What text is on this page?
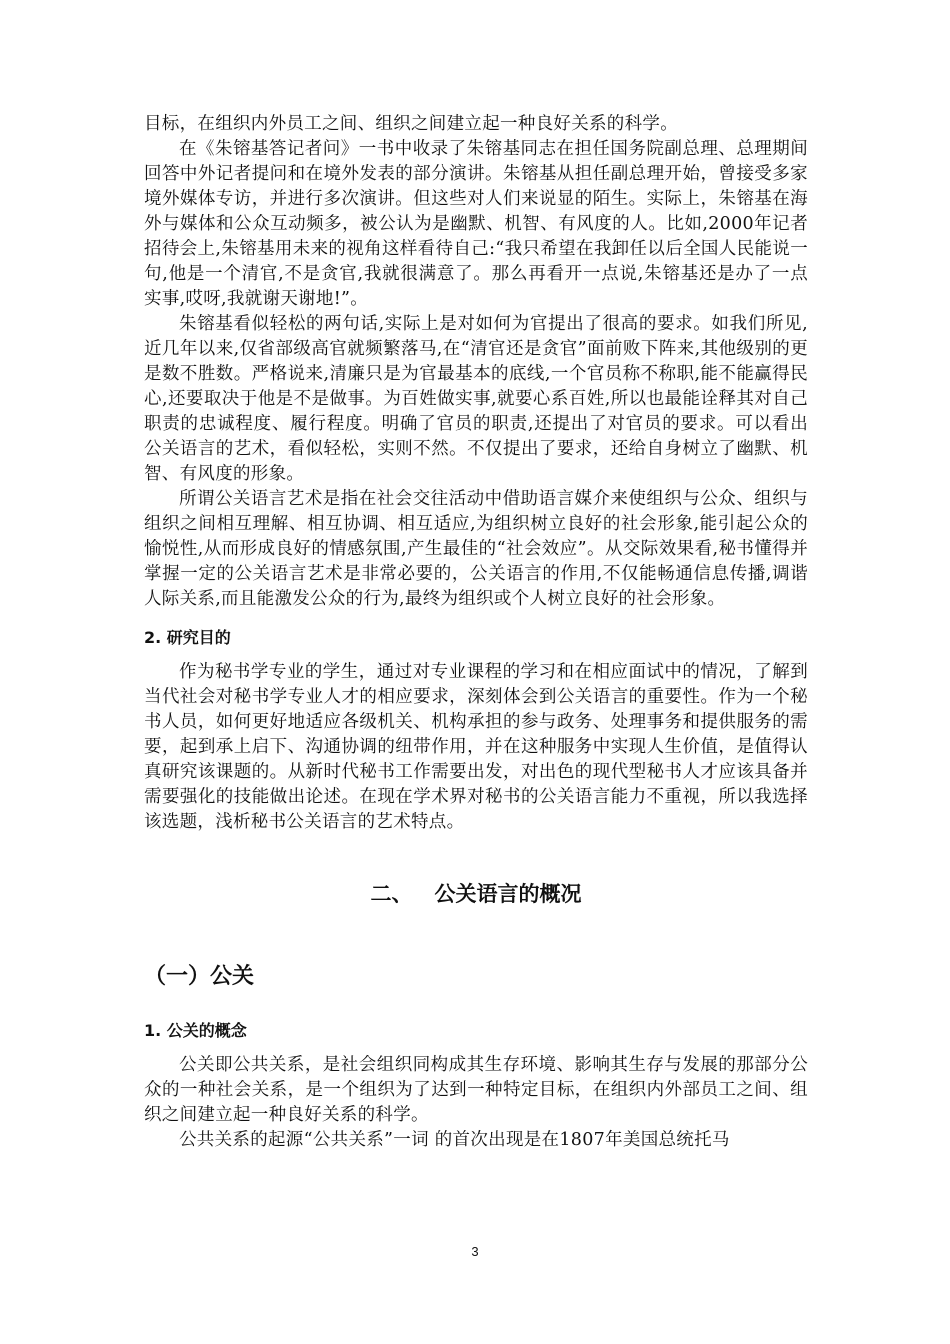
目标，在组织内外员工之间、组织之间建立起一种良好关系的科学。

在《朱镕基答记者问》一书中收录了朱镕基同志在担任国务院副总理、总理期间回答中外记者提问和在境外发表的部分演讲。朱镕基从担任副总理开始，曾接受多家境外媒体专访，并进行多次演讲。但这些对人们来说显的陌生。实际上，朱镕基在海外与媒体和公众互动频多，被公认为是幽默、机智、有风度的人。比如,2000年记者招待会上,朱镕基用未来的视角这样看待自己:“我只希望在我卸任以后全国人民能说一句,他是一个清官,不是贪官,我就很满意了。那么再看开一点说,朱镕基还是办了一点实事,哎呀,我就谢天谢地!”。

朱镕基看似轻松的两句话,实际上是对如何为官提出了很高的要求。如我们所见,近几年以来,仅省部级高官就频繁落马,在“清官还是贪官”面前败下阵来,其他级别的更是数不胜数。严格说来,清廉只是为官最基本的底线,一个官员称不称职,能不能赢得民心,还要取决于他是不是做事。为百姓做实事,就要心系百姓,所以也最能诠释其对自己职责的忠诚程度、履行程度。明确了官员的职责,还提出了对官员的要求。可以看出公关语言的艺术，看似轻松，实则不然。不仅提出了要求，还给自身树立了幽默、机智、有风度的形象。

所谓公关语言艺术是指在社会交往活动中借助语言媒介来使组织与公众、组织与组织之间相互理解、相互协调、相互适应,为组织树立良好的社会形象,能引起公众的愉悦性,从而形成良好的情感氛围,产生最佳的“社会效应”。从交际效果看,秘书懂得并掌握一定的公关语言艺术是非常必要的，公关语言的作用,不仅能畅通信息传播,调谐人际关系,而且能激发公众的行为,最终为组织或个人树立良好的社会形象。

2. 研究目的

作为秘书学专业的学生，通过对专业课程的学习和在相应面试中的情况，了解到当代社会对秘书学专业人才的相应要求，深刻体会到公关语言的重要性。作为一个秘书人员，如何更好地适应各级机关、机构承担的参与政务、处理事务和提供服务的需要，起到承上启下、沟通协调的纽带作用，并在这种服务中实现人生价值，是值得认真研究该课题的。从新时代秘书工作需要出发，对出色的现代型秘书人才应该具备并需要强化的技能做出论述。在现在学术界对秘书的公关语言能力不重视，所以我选择该选题，浅析秘书公关语言的艺术特点。

二、 公关语言的概况

（一）公关

1. 公关的概念

公关即公共关系，是社会组织同构成其生存环境、影响其生存与发展的那部分公众的一种社会关系，是一个组织为了达到一种特定目标，在组织内外部员工之间、组织之间建立起一种良好关系的科学。

公共关系的起源“公共关系”一词 的首次出现是在1807年美国总统托马

3
